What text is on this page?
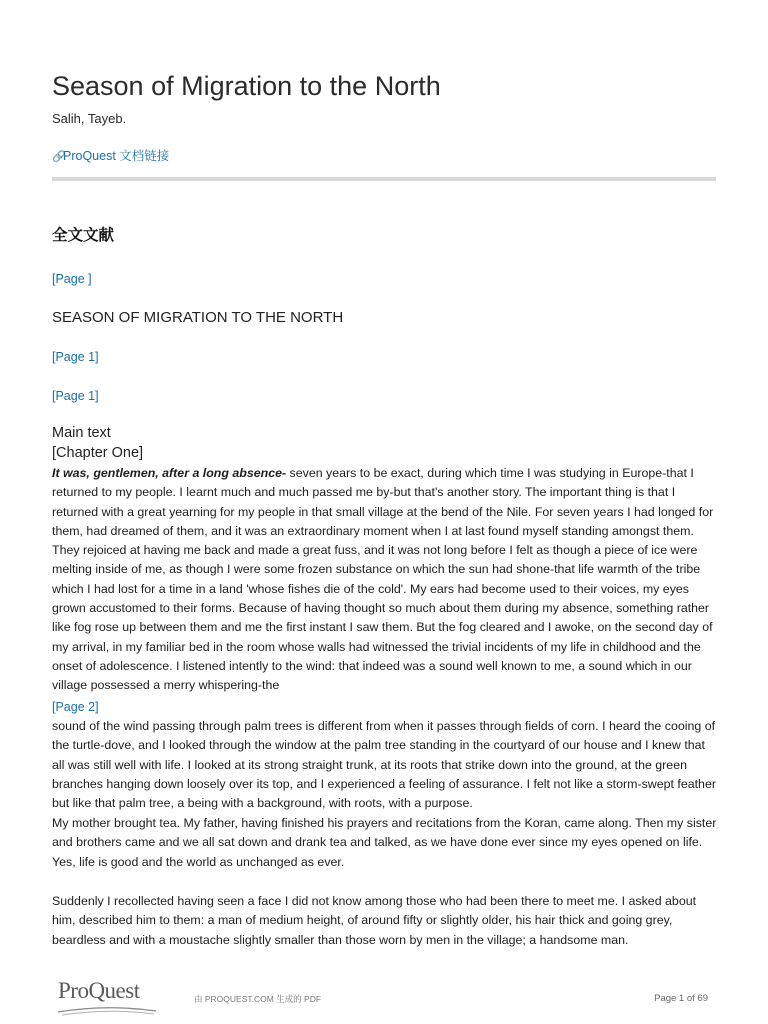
Season of Migration to the North
Salih, Tayeb.
🔗ProQuest 文档链接
全文文献
[Page ]
SEASON OF MIGRATION TO THE NORTH
[Page 1]
[Page 1]
Main text
[Chapter One]

It was, gentlemen, after a long absence- seven years to be exact, during which time I was studying in Europe-that I returned to my people. I learnt much and much passed me by-but that's another story. The important thing is that I returned with a great yearning for my people in that small village at the bend of the Nile. For seven years I had longed for them, had dreamed of them, and it was an extraordinary moment when I at last found myself standing amongst them. They rejoiced at having me back and made a great fuss, and it was not long before I felt as though a piece of ice were melting inside of me, as though I were some frozen substance on which the sun had shone-that life warmth of the tribe which I had lost for a time in a land 'whose fishes die of the cold'. My ears had become used to their voices, my eyes grown accustomed to their forms. Because of having thought so much about them during my absence, something rather like fog rose up between them and me the first instant I saw them. But the fog cleared and I awoke, on the second day of my arrival, in my familiar bed in the room whose walls had witnessed the trivial incidents of my life in childhood and the onset of adolescence. I listened intently to the wind: that indeed was a sound well known to me, a sound which in our village possessed a merry whispering-the

[Page 2]

sound of the wind passing through palm trees is different from when it passes through fields of corn. I heard the cooing of the turtle-dove, and I looked through the window at the palm tree standing in the courtyard of our house and I knew that all was still well with life. I looked at its strong straight trunk, at its roots that strike down into the ground, at the green branches hanging down loosely over its top, and I experienced a feeling of assurance. I felt not like a storm-swept feather but like that palm tree, a being with a background, with roots, with a purpose.

My mother brought tea. My father, having finished his prayers and recitations from the Koran, came along. Then my sister and brothers came and we all sat down and drank tea and talked, as we have done ever since my eyes opened on life. Yes, life is good and the world as unchanged as ever.

Suddenly I recollected having seen a face I did not know among those who had been there to meet me. I asked about him, described him to them: a man of medium height, of around fifty or slightly older, his hair thick and going grey, beardless and with a moustache slightly smaller than those worn by men in the village; a handsome man.

ProQuest	由 PROQUEST.COM 生成的 PDF	Page 1 of 69
